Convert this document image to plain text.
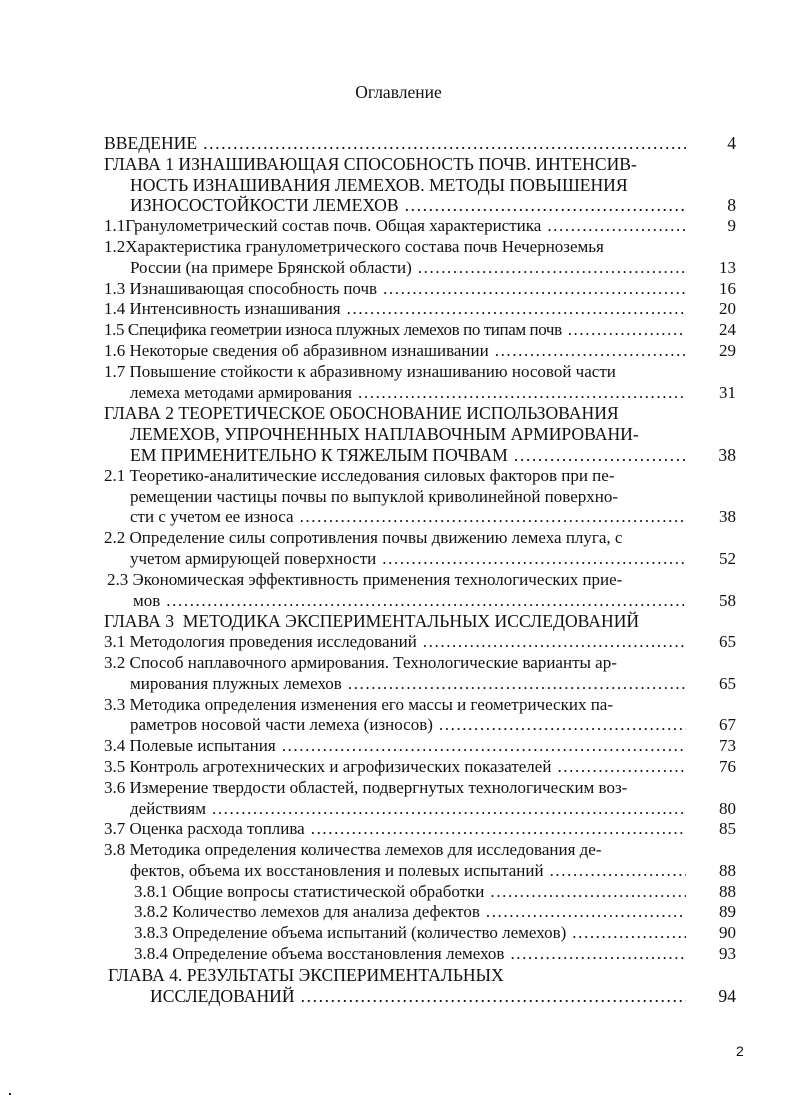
Оглавление
ВВЕДЕНИЕ .....	4
ГЛАВА 1 ИЗНАШИВАЮЩАЯ СПОСОБНОСТЬ ПОЧВ. ИНТЕНСИВ-
НОСТЬ ИЗНАШИВАНИЯ ЛЕМЕХОВ. МЕТОДЫ ПОВЫШЕНИЯ
ИЗНОСОСТОЙКОСТИ ЛЕМЕХОВ .....	8
1.1Гранулометрический состав почв. Общая характеристика .....	9
1.2Характеристика гранулометрического состава почв Нечерноземья
России (на примере Брянской области) .....	13
1.3 Изнашивающая способность почв .....	16
1.4 Интенсивность изнашивания .....	20
1.5 Специфика геометрии износа плужных лемехов по типам почв .....	24
1.6 Некоторые сведения об абразивном изнашивании .....	29
1.7 Повышение стойкости к абразивному изнашиванию носовой части
лемеха методами армирования .....	31
ГЛАВА 2 ТЕОРЕТИЧЕСКОЕ ОБОСНОВАНИЕ ИСПОЛЬЗОВАНИЯ
ЛЕМЕХОВ, УПРОЧНЕННЫХ НАПЛАВОЧНЫМ АРМИРОВАНИ-
ЕМ ПРИМЕНИТЕЛЬНО К ТЯЖЕЛЫМ ПОЧВАМ .....	38
2.1 Теоретико-аналитические исследования силовых факторов при пе-
ремещении частицы почвы по выпуклой криволинейной поверхно-
сти с учетом ее износа .....	38
2.2 Определение силы сопротивления почвы движению лемеха плуга, с
учетом армирующей поверхности .....	52
2.3 Экономическая эффективность применения технологических прие-
мов .....	58
ГЛАВА 3  МЕТОДИКА ЭКСПЕРИМЕНТАЛЬНЫХ ИССЛЕДОВАНИЙ
3.1 Методология проведения исследований .....	65
3.2 Способ наплавочного армирования. Технологические варианты ар-
мирования плужных лемехов .....	65
3.3 Методика определения изменения его массы и геометрических па-
раметров носовой части лемеха (износов) .....	67
3.4 Полевые испытания .....	73
3.5 Контроль агротехнических и агрофизических показателей .....	76
3.6 Измерение твердости областей, подвергнутых технологическим воз-
действиям .....	80
3.7 Оценка расхода топлива .....	85
3.8 Методика определения количества лемехов для исследования де-
фектов, объема их восстановления и полевых испытаний .....	88
3.8.1 Общие вопросы статистической обработки .....	88
3.8.2 Количество лемехов для анализа дефектов .....	89
3.8.3 Определение объема испытаний (количество лемехов) .....	90
3.8.4 Определение объема восстановления лемехов .....	93
ГЛАВА 4. РЕЗУЛЬТАТЫ ЭКСПЕРИМЕНТАЛЬНЫХ
ИССЛЕДОВАНИЙ .....	94
2
